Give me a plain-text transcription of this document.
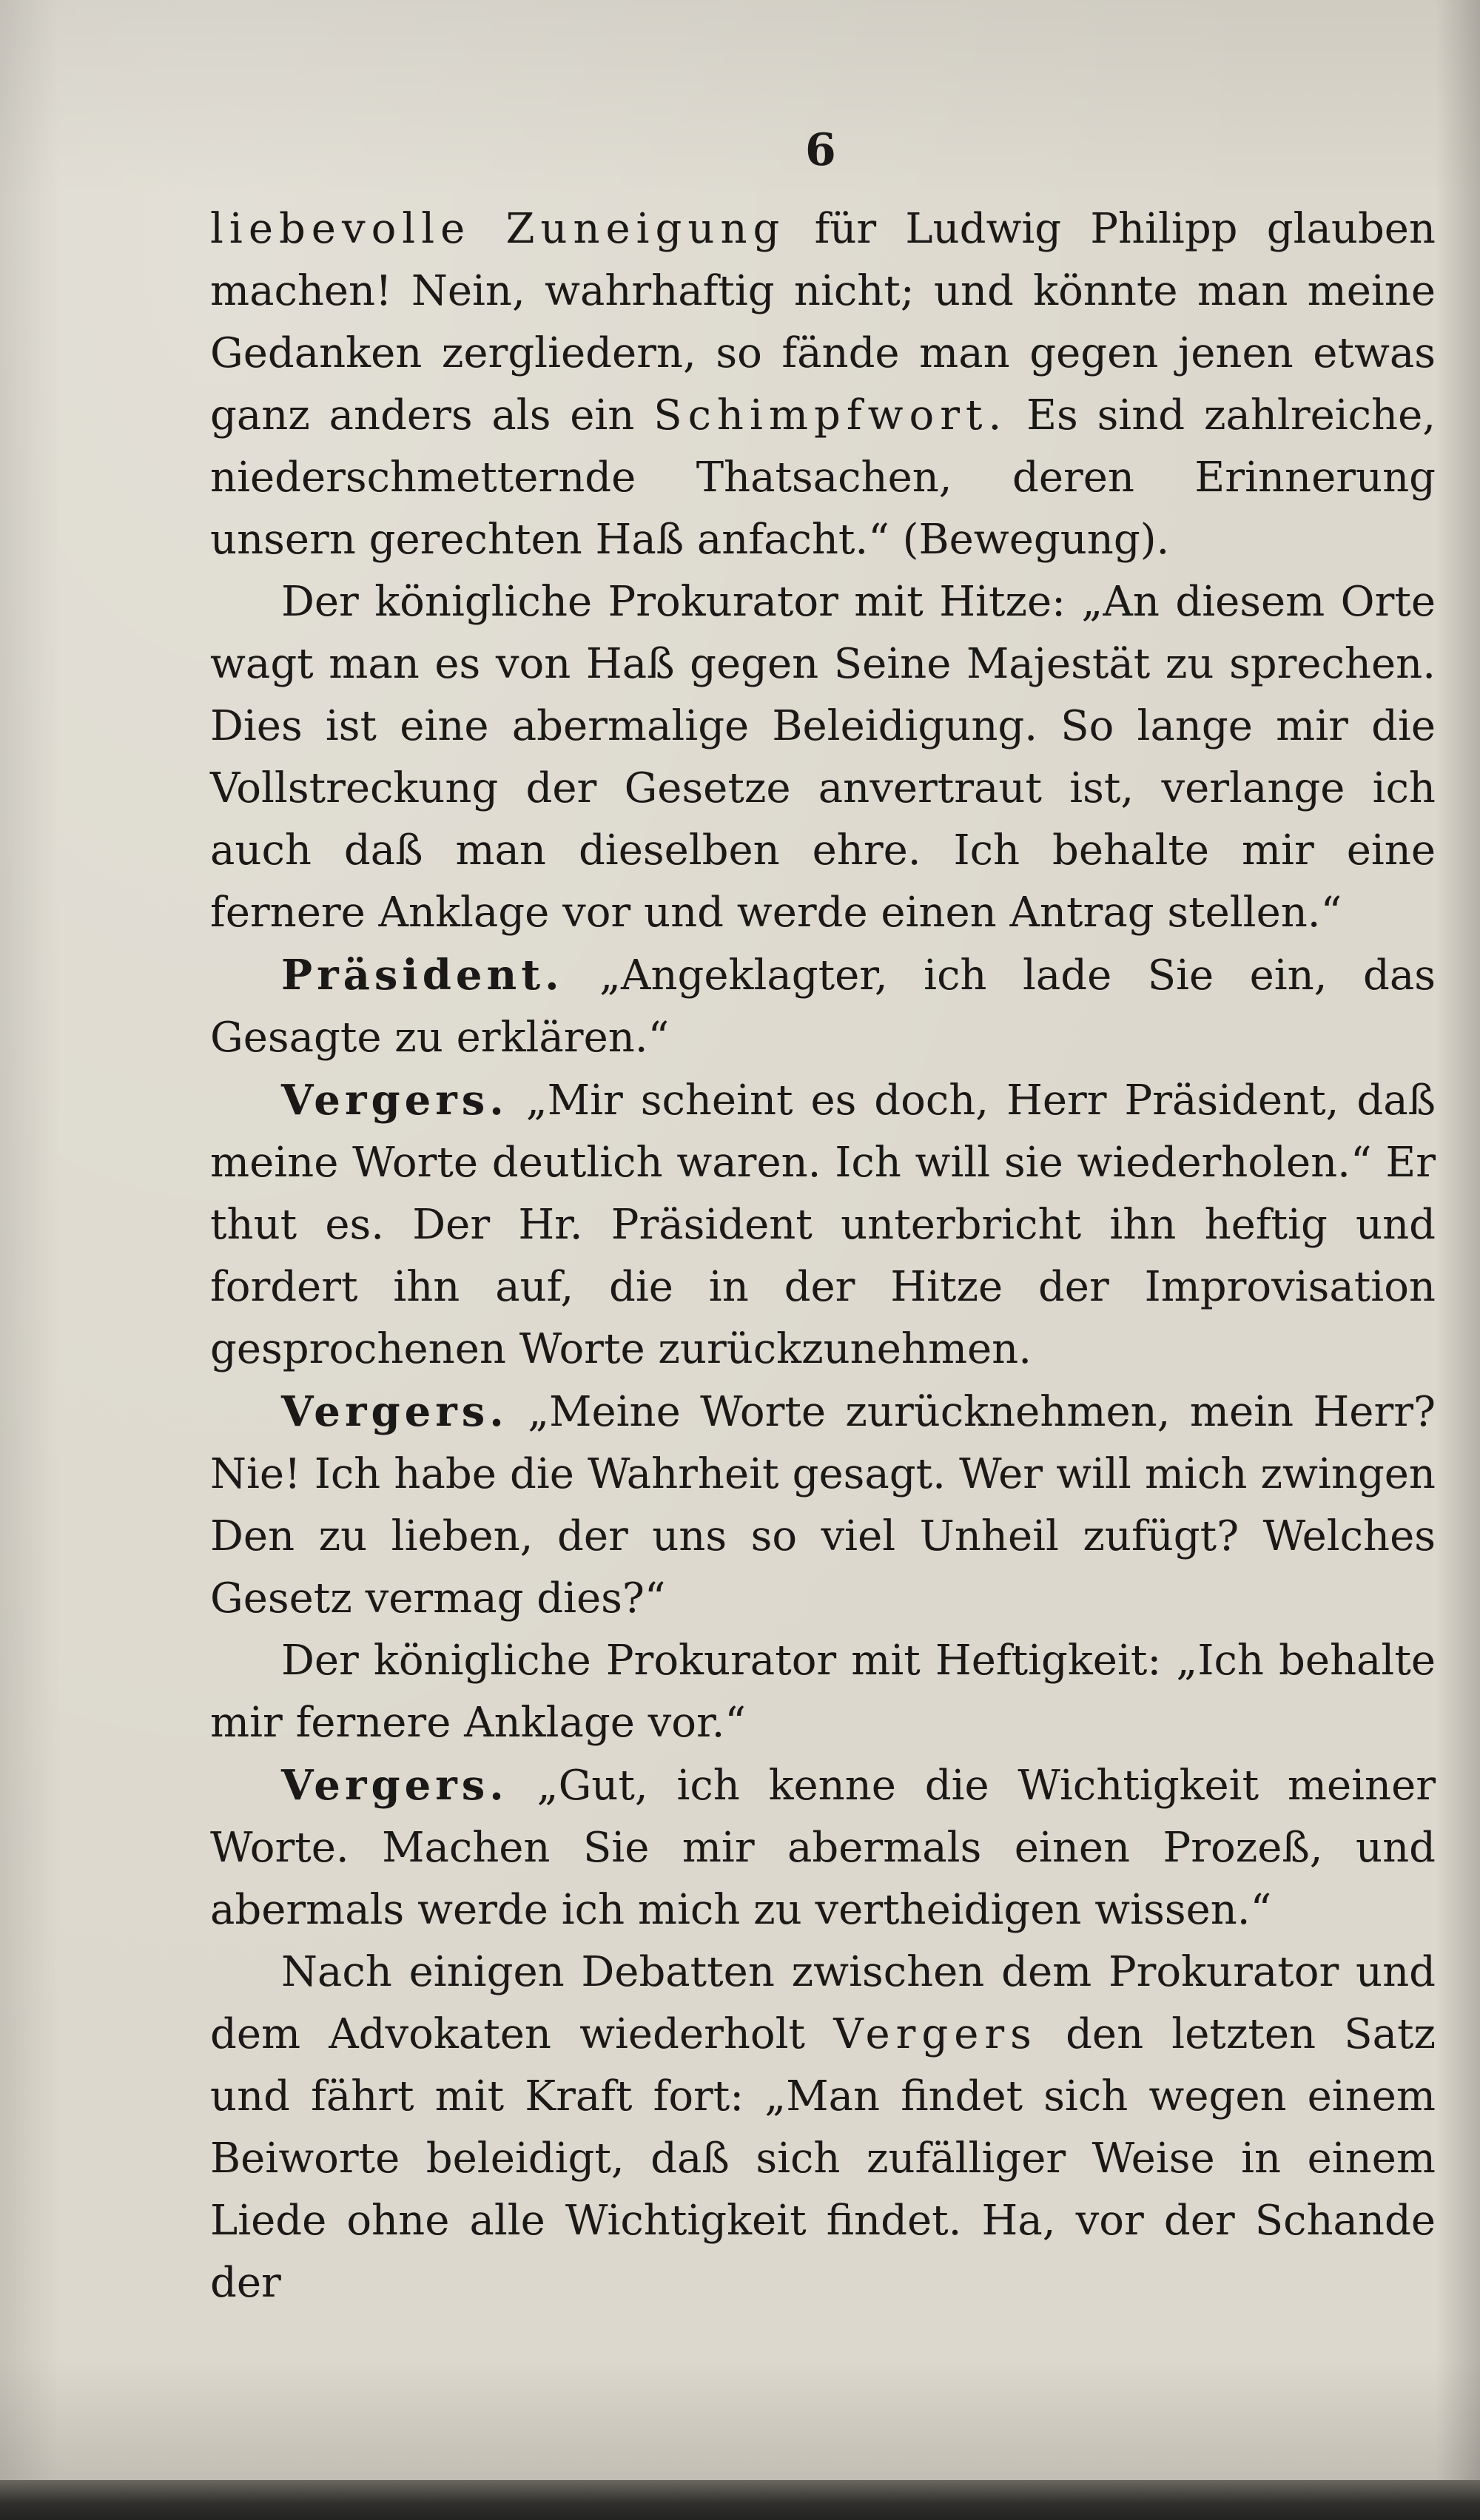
6

liebevolle Zuneigung für Ludwig Philipp glauben machen! Nein, wahrhaftig nicht; und könnte man meine Gedanken zergliedern, so fände man gegen jenen etwas ganz anders als ein Schimpfwort. Es sind zahlreiche, niederschmetternde Thatsachen, deren Erinnerung unsern gerechten Haß anfacht.“ (Bewegung).

Der königliche Prokurator mit Hitze: „An diesem Orte wagt man es von Haß gegen Seine Majestät zu sprechen. Dies ist eine abermalige Beleidigung. So lange mir die Vollstreckung der Gesetze anvertraut ist, verlange ich auch daß man dieselben ehre. Ich behalte mir eine fernere Anklage vor und werde einen Antrag stellen.“

Präsident. „Angeklagter, ich lade Sie ein, das Gesagte zu erklären.“

Vergers. „Mir scheint es doch, Herr Präsident, daß meine Worte deutlich waren. Ich will sie wiederholen.“ Er thut es. Der Hr. Präsident unterbricht ihn heftig und fordert ihn auf, die in der Hitze der Improvisation gesprochenen Worte zurückzunehmen.

Vergers. „Meine Worte zurücknehmen, mein Herr? Nie! Ich habe die Wahrheit gesagt. Wer will mich zwingen Den zu lieben, der uns so viel Unheil zufügt? Welches Gesetz vermag dies?“

Der königliche Prokurator mit Heftigkeit: „Ich behalte mir fernere Anklage vor.“

Vergers. „Gut, ich kenne die Wichtigkeit meiner Worte. Machen Sie mir abermals einen Prozeß, und abermals werde ich mich zu vertheidigen wissen.“

Nach einigen Debatten zwischen dem Prokurator und dem Advokaten wiederholt Vergers den letzten Satz und fährt mit Kraft fort: „Man findet sich wegen einem Beiworte beleidigt, daß sich zufälliger Weise in einem Liede ohne alle Wichtigkeit findet. Ha, vor der Schande der
